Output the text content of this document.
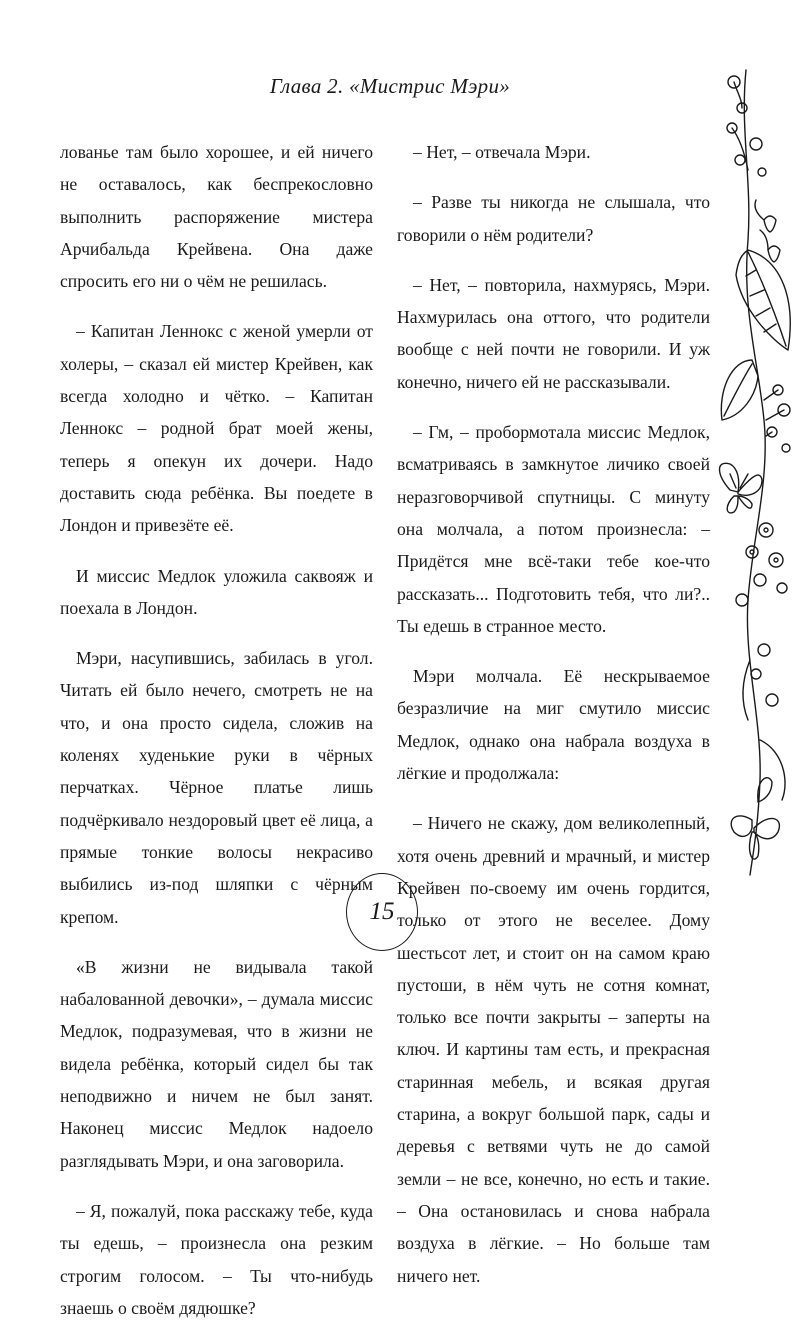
Глава 2. «Мистрис Мэри»

лованье там было хорошее, и ей ничего не оставалось, как беспрекословно выполнить распоряжение мистера Арчибальда Крейвена. Она даже спросить его ни о чём не решилась.

– Капитан Леннокс с женой умерли от холеры, – сказал ей мистер Крейвен, как всегда холодно и чётко. – Капитан Леннокс – родной брат моей жены, теперь я опекун их дочери. Надо доставить сюда ребёнка. Вы поедете в Лондон и привезёте её.

И миссис Медлок уложила саквояж и поехала в Лондон.

Мэри, насупившись, забилась в угол. Читать ей было нечего, смотреть не на что, и она просто сидела, сложив на коленях худенькие руки в чёрных перчатках. Чёрное платье лишь подчёркивало нездоровый цвет её лица, а прямые тонкие волосы некрасиво выбились из-под шляпки с чёрным крепом.

«В жизни не видывала такой набалованной девочки», – думала миссис Медлок, подразумевая, что в жизни не видела ребёнка, который сидел бы так неподвижно и ничем не был занят. Наконец миссис Медлок надоело разглядывать Мэри, и она заговорила.

– Я, пожалуй, пока расскажу тебе, куда ты едешь, – произнесла она резким строгим голосом. – Ты что-нибудь знаешь о своём дядюшке?

– Нет, – отвечала Мэри.

– Разве ты никогда не слышала, что говорили о нём родители?

– Нет, – повторила, нахмурясь, Мэри. Нахмурилась она оттого, что родители вообще с ней почти не говорили. И уж конечно, ничего ей не рассказывали.

– Гм, – пробормотала миссис Медлок, всматриваясь в замкнутое личико своей неразговорчивой спутницы. С минуту она молчала, а потом произнесла: – Придётся мне всё-таки тебе кое-что рассказать... Подготовить тебя, что ли?.. Ты едешь в странное место.

Мэри молчала. Её нескрываемое безразличие на миг смутило миссис Медлок, однако она набрала воздуха в лёгкие и продолжала:

– Ничего не скажу, дом великолепный, хотя очень древний и мрачный, и мистер Крейвен по-своему им очень гордится, только от этого не веселее. Дому шестьсот лет, и стоит он на самом краю пустоши, в нём чуть не сотня комнат, только все почти закрыты – заперты на ключ. И картины там есть, и прекрасная старинная мебель, и всякая другая старина, а вокруг большой парк, сады и деревья с ветвями чуть не до самой земли – не все, конечно, но есть и такие. – Она остановилась и снова набрала воздуха в лёгкие. – Но больше там ничего нет.

15
